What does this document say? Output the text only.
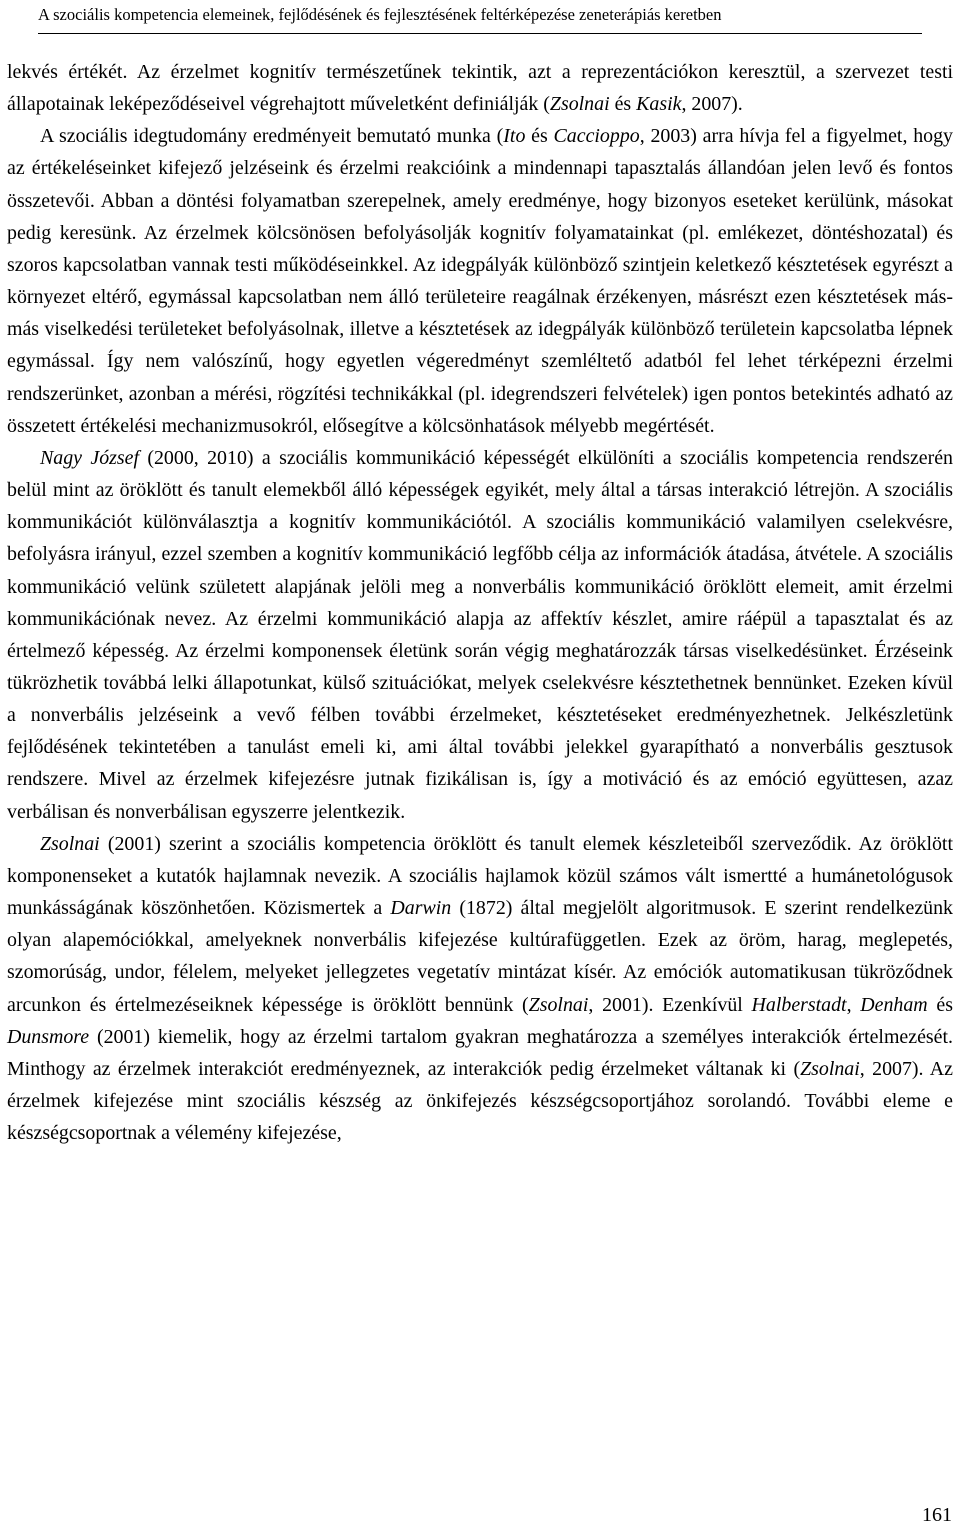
A szociális kompetencia elemeinek, fejlődésének és fejlesztésének feltérképezése zeneterápiás keretben

lekvés értékét. Az érzelmet kognitív természetűnek tekintik, azt a reprezentációkon keresztül, a szervezet testi állapotainak leképeződéseivel végrehajtott műveletként definiálják (Zsolnai és Kasik, 2007).

A szociális idegtudomány eredményeit bemutató munka (Ito és Caccioppo, 2003) arra hívja fel a figyelmet, hogy az értékeléseinket kifejező jelzéseink és érzelmi reakcióink a mindennapi tapasztalás állandóan jelen levő és fontos összetevői. Abban a döntési folyamatban szerepelnek, amely eredménye, hogy bizonyos eseteket kerülünk, másokat pedig keresünk. Az érzelmek kölcsönösen befolyásolják kognitív folyamatainkat (pl. emlékezet, döntéshozatal) és szoros kapcsolatban vannak testi működéseinkkel. Az idegpályák különböző szintjein keletkező késztetések egyrészt a környezet eltérő, egymással kapcsolatban nem álló területeire reagálnak érzékenyen, másrészt ezen késztetések más-más viselkedési területeket befolyásolnak, illetve a késztetések az idegpályák különböző területein kapcsolatba lépnek egymással. Így nem valószínű, hogy egyetlen végeredményt szemléltető adatból fel lehet térképezni érzelmi rendszerünket, azonban a mérési, rögzítési technikákkal (pl. idegrendszeri felvételek) igen pontos betekintés adható az összetett értékelési mechanizmusokról, elősegítve a kölcsönhatások mélyebb megértését.

Nagy József (2000, 2010) a szociális kommunikáció képességét elkülöníti a szociális kompetencia rendszerén belül mint az öröklött és tanult elemekből álló képességek egyikét, mely által a társas interakció létrejön. A szociális kommunikációt különválasztja a kognitív kommunikációtól. A szociális kommunikáció valamilyen cselekvésre, befolyásra irányul, ezzel szemben a kognitív kommunikáció legfőbb célja az információk átadása, átvétele. A szociális kommunikáció velünk született alapjának jelöli meg a nonverbális kommunikáció öröklött elemeit, amit érzelmi kommunikációnak nevez. Az érzelmi kommunikáció alapja az affektív készlet, amire ráépül a tapasztalat és az értelmező képesség. Az érzelmi komponensek életünk során végig meghatározzák társas viselkedésünket. Érzéseink tükrözhetik továbbá lelki állapotunkat, külső szituációkat, melyek cselekvésre késztethetnek bennünket. Ezeken kívül a nonverbális jelzéseink a vevő félben további érzelmeket, késztetéseket eredményezhetnek. Jelkészletünk fejlődésének tekintetében a tanulást emeli ki, ami által további jelekkel gyarapítható a nonverbális gesztusok rendszere. Mivel az érzelmek kifejezésre jutnak fizikálisan is, így a motiváció és az emóció együttesen, azaz verbálisan és nonverbálisan egyszerre jelentkezik.

Zsolnai (2001) szerint a szociális kompetencia öröklött és tanult elemek készleteiből szerveződik. Az öröklött komponenseket a kutatók hajlamnak nevezik. A szociális hajlamok közül számos vált ismertté a humánetológusok munkásságának köszönhetően. Közismertek a Darwin (1872) által megjelölt algoritmusok. E szerint rendelkezünk olyan alapemóciókkal, amelyeknek nonverbális kifejezése kultúrafüggetlen. Ezek az öröm, harag, meglepetés, szomorúság, undor, félelem, melyeket jellegzetes vegetatív mintázat kísér. Az emóciók automatikusan tükröződnek arcunkon és értelmezéseiknek képessége is öröklött bennünk (Zsolnai, 2001). Ezenkívül Halberstadt, Denham és Dunsmore (2001) kiemelik, hogy az érzelmi tartalom gyakran meghatározza a személyes interakciók értelmezését. Minthogy az érzelmek interakciót eredményeznek, az interakciók pedig érzelmeket váltanak ki (Zsolnai, 2007). Az érzelmek kifejezése mint szociális készség az önkifejezés készségcsoportjához sorolandó. További eleme e készségcsoportnak a vélemény kifejezése,

161
